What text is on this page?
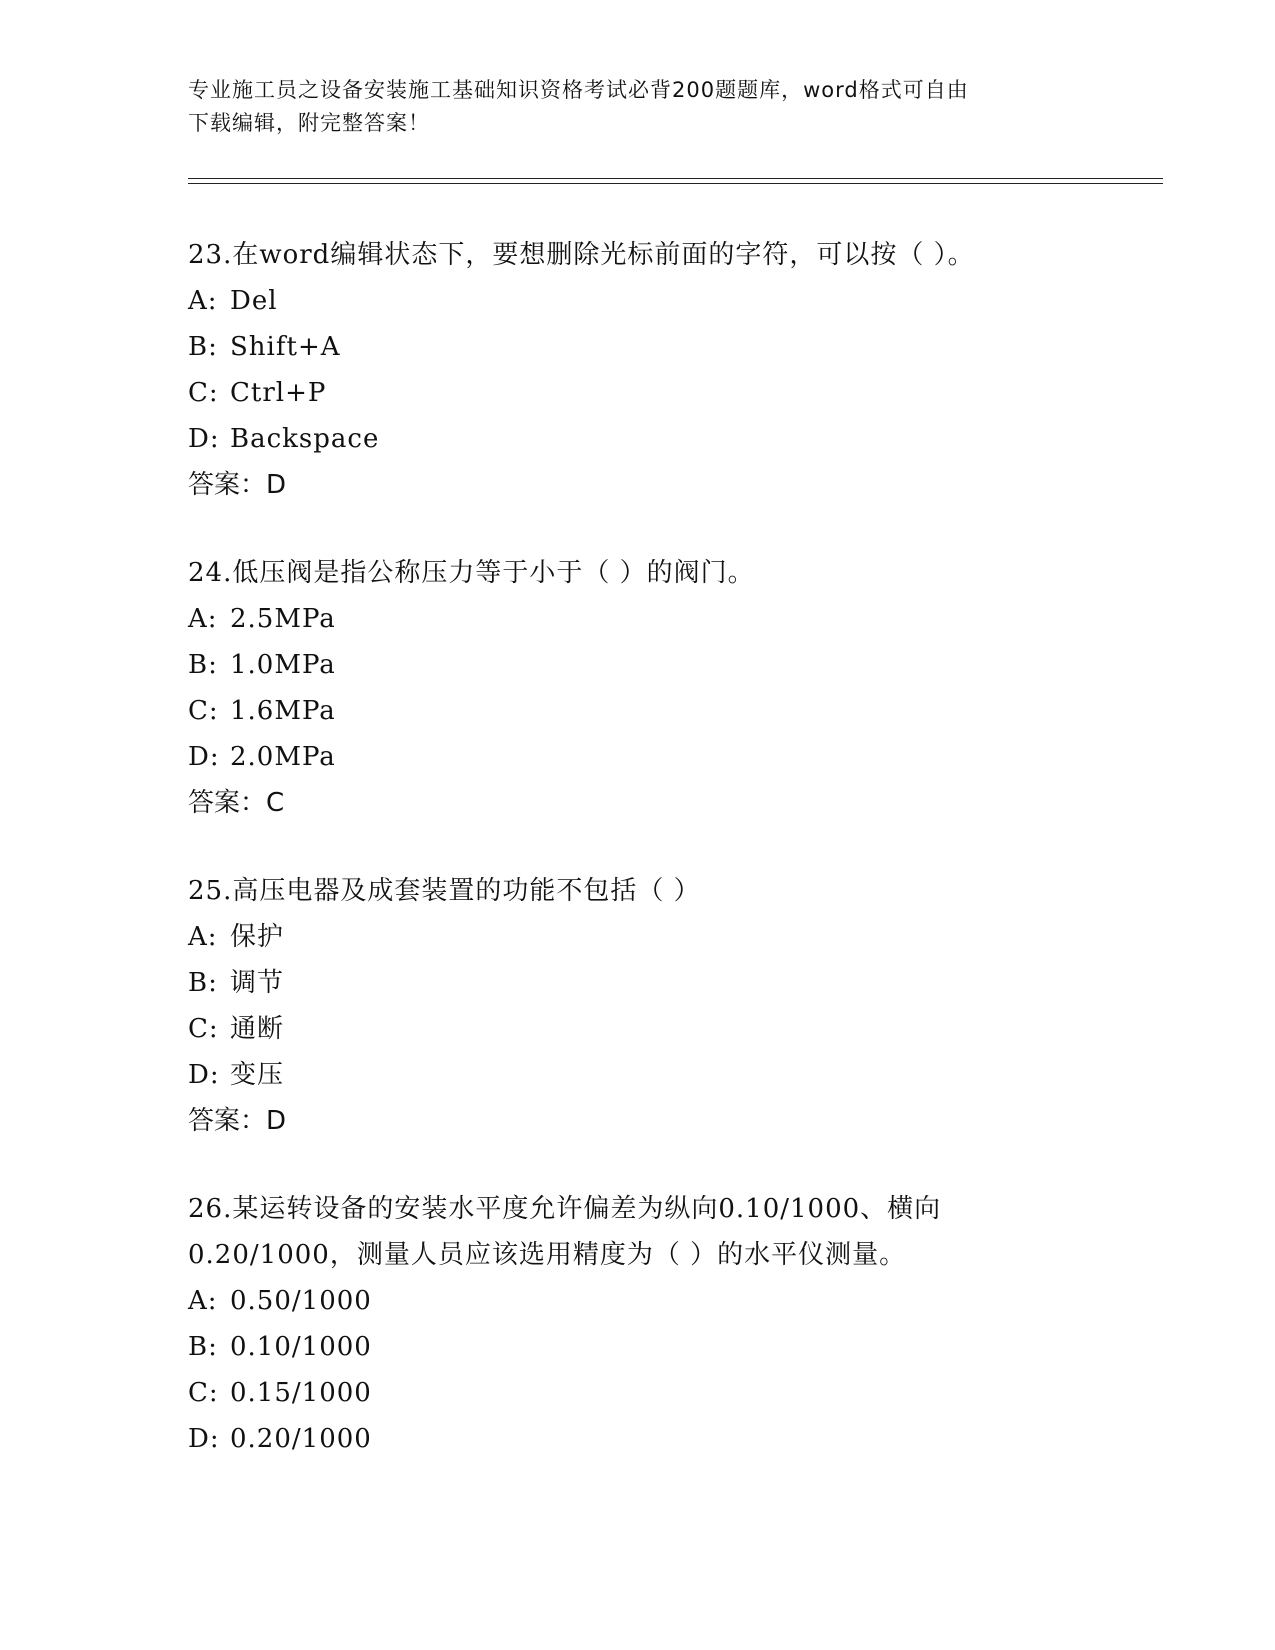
专业施工员之设备安装施工基础知识资格考试必背200题题库，word格式可自由
下载编辑，附完整答案！
23.在word编辑状态下，要想删除光标前面的字符，可以按（ ）。
A: Del
B: Shift+A
C: Ctrl+P
D: Backspace
答案：D
24.低压阀是指公称压力等于小于（ ）的阀门。
A: 2.5MPa
B: 1.0MPa
C: 1.6MPa
D: 2.0MPa
答案：C
25.高压电器及成套装置的功能不包括（ ）
A: 保护
B: 调节
C: 通断
D: 变压
答案：D
26.某运转设备的安装水平度允许偏差为纵向0.10/1000、横向
0.20/1000，测量人员应该选用精度为（ ）的水平仪测量。
A: 0.50/1000
B: 0.10/1000
C: 0.15/1000
D: 0.20/1000
